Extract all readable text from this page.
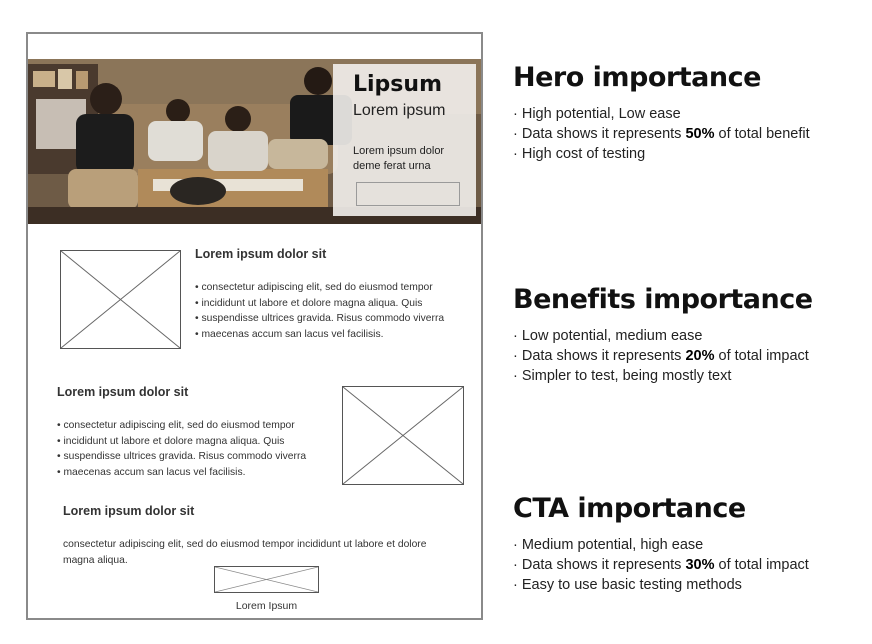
Lipsum
Lorem ipsum
Lorem ipsum dolor deme ferat urna
Lorem ipsum dolor sit
• consectetur adipiscing elit, sed do eiusmod tempor
• incididunt ut labore et dolore magna aliqua. Quis
• suspendisse ultrices gravida. Risus commodo viverra
• maecenas accum san lacus vel facilisis.
Lorem ipsum dolor sit
• consectetur adipiscing elit, sed do eiusmod tempor
• incididunt ut labore et dolore magna aliqua. Quis
• suspendisse ultrices gravida. Risus commodo viverra
• maecenas accum san lacus vel facilisis.
Lorem ipsum dolor sit
consectetur adipiscing elit, sed do eiusmod tempor incididunt ut labore et dolore magna aliqua.
Lorem Ipsum
Hero importance
· High potential, Low ease
· Data shows it represents 50% of total benefit
· High cost of testing
Benefits importance
· Low potential, medium ease
· Data shows it represents 20% of total impact
· Simpler to test, being mostly text
CTA importance
· Medium potential, high ease
· Data shows it represents 30% of total impact
· Easy to use basic testing methods
